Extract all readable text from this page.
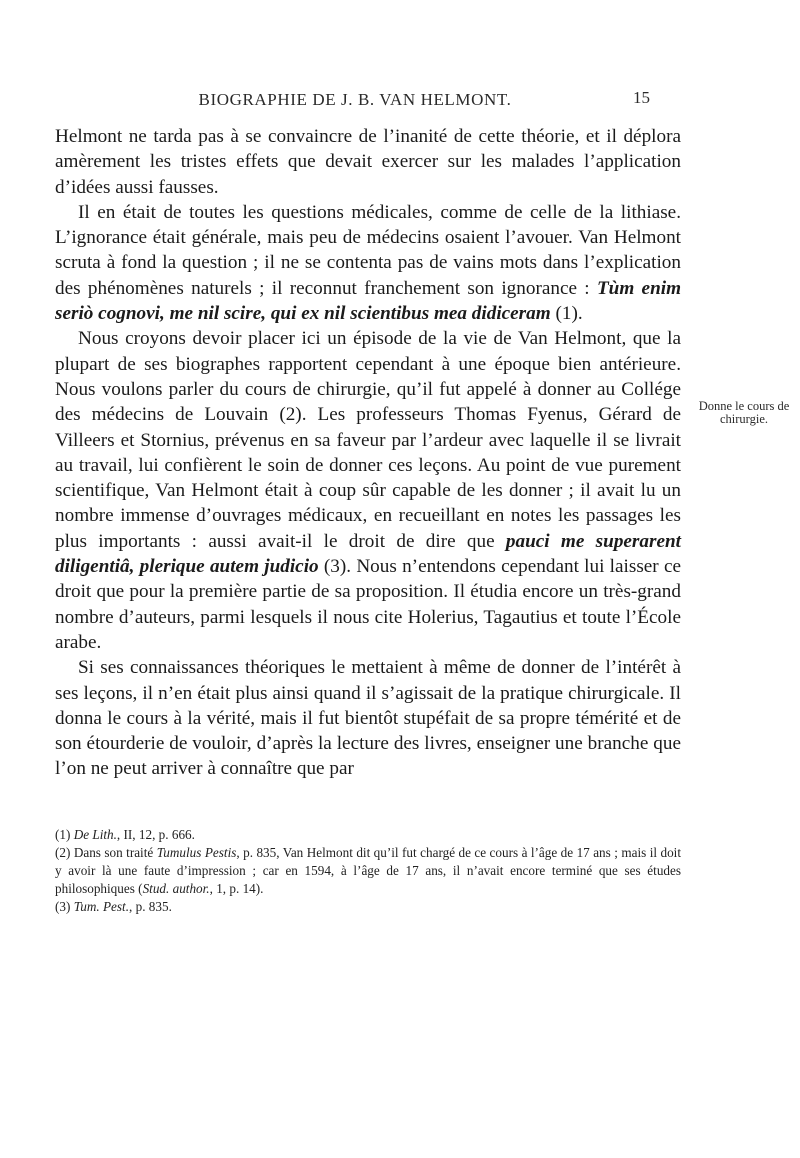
BIOGRAPHIE DE J. B. VAN HELMONT.	15

Helmont ne tarda pas à se convaincre de l’inanité de cette théorie, et il déplora amèrement les tristes effets que devait exercer sur les malades l’application d’idées aussi fausses.

Il en était de toutes les questions médicales, comme de celle de la lithiase. L’ignorance était générale, mais peu de médecins osaient l’avouer. Van Helmont scruta à fond la question ; il ne se contenta pas de vains mots dans l’explication des phénomènes naturels ; il reconnut franchement son ignorance : Tùm enim seriò cognovi, me nil scire, qui ex nil scientibus mea didiceram (1).

Nous croyons devoir placer ici un épisode de la vie de Van Helmont, que la plupart de ses biographes rapportent cependant à une époque bien antérieure. Nous voulons parler du cours de chirurgie, qu’il fut appelé à donner au Collége des médecins de Louvain (2). Les professeurs Thomas Fyenus, Gérard de Villeers et Stornius, prévenus en sa faveur par l’ardeur avec laquelle il se livrait au travail, lui confièrent le soin de donner ces leçons. Au point de vue purement scientifique, Van Helmont était à coup sûr capable de les donner ; il avait lu un nombre immense d’ouvrages médicaux, en recueillant en notes les passages les plus importants : aussi avait-il le droit de dire que pauci me superarent diligentiâ, plerique autem judicio (3). Nous n’entendons cependant lui laisser ce droit que pour la première partie de sa proposition. Il étudia encore un très-grand nombre d’auteurs, parmi lesquels il nous cite Holerius, Tagautius et toute l’École arabe.

Si ses connaissances théoriques le mettaient à même de donner de l’intérêt à ses leçons, il n’en était plus ainsi quand il s’agissait de la pratique chirurgicale. Il donna le cours à la vérité, mais il fut bientôt stupéfait de sa propre témérité et de son étourderie de vouloir, d’après la lecture des livres, enseigner une branche que l’on ne peut arriver à connaître que par

Donne le cours de chirurgie.

(1) De Lith., II, 12, p. 666.

(2) Dans son traité Tumulus Pestis, p. 835, Van Helmont dit qu’il fut chargé de ce cours à l’âge de 17 ans ; mais il doit y avoir là une faute d’impression ; car en 1594, à l’âge de 17 ans, il n’avait encore terminé que ses études philosophiques (Stud. author., 1, p. 14).

(3) Tum. Pest., p. 835.
